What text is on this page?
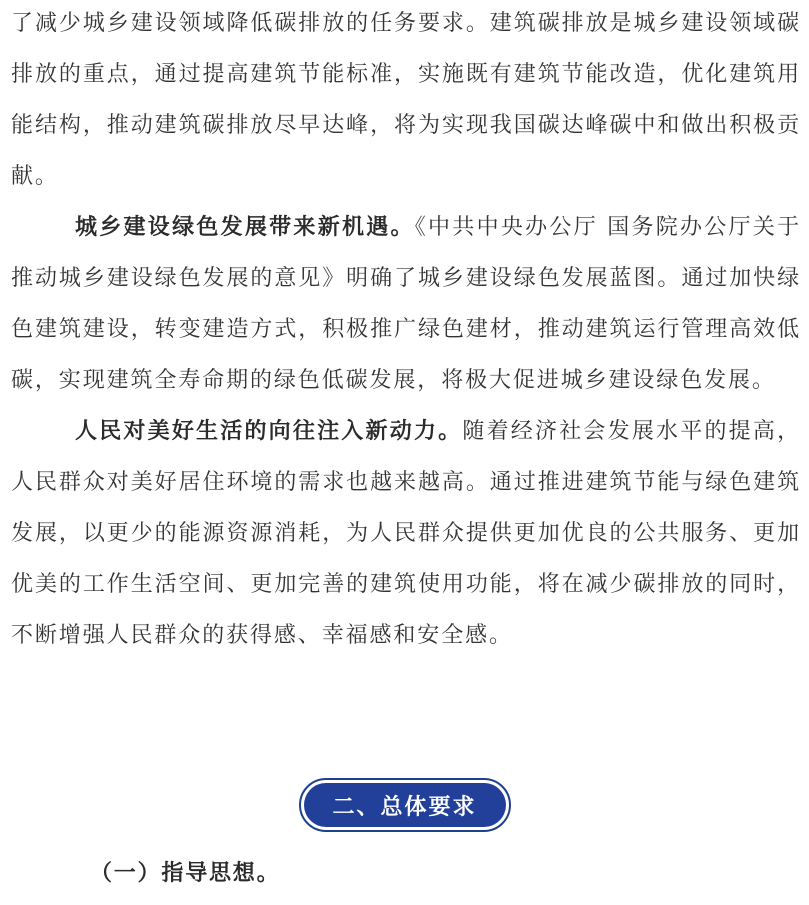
了减少城乡建设领域降低碳排放的任务要求。建筑碳排放是城乡建设领域碳排放的重点，通过提高建筑节能标准，实施既有建筑节能改造，优化建筑用能结构，推动建筑碳排放尽早达峰，将为实现我国碳达峰碳中和做出积极贡献。

城乡建设绿色发展带来新机遇。《中共中央办公厅 国务院办公厅关于推动城乡建设绿色发展的意见》明确了城乡建设绿色发展蓝图。通过加快绿色建筑建设，转变建造方式，积极推广绿色建材，推动建筑运行管理高效低碳，实现建筑全寿命期的绿色低碳发展，将极大促进城乡建设绿色发展。

人民对美好生活的向往注入新动力。随着经济社会发展水平的提高，人民群众对美好居住环境的需求也越来越高。通过推进建筑节能与绿色建筑发展，以更少的能源资源消耗，为人民群众提供更加优良的公共服务、更加优美的工作生活空间、更加完善的建筑使用功能，将在减少碳排放的同时，不断增强人民群众的获得感、幸福感和安全感。

二、总体要求

（一）指导思想。
